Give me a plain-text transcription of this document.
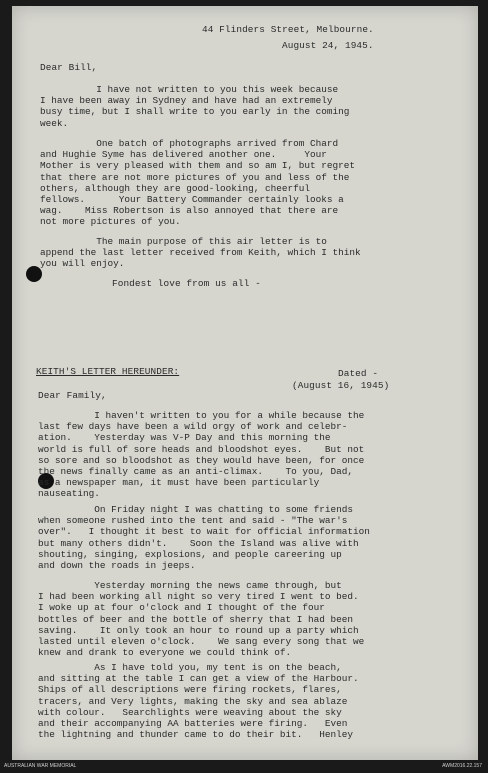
44 Flinders Street, Melbourne.
August 24, 1945.
Dear Bill,
I have not written to you this week because
I have been away in Sydney and have had an extremely
busy time, but I shall write to you early in the coming
week.
One batch of photographs arrived from Chard
and Hughie Syme has delivered another one.     Your
Mother is very pleased with them and so am I, but regret
that there are not more pictures of you and less of the
others, although they are good-looking, cheerful
fellows.      Your Battery Commander certainly looks a
wag.    Miss Robertson is also annoyed that there are
not more pictures of you.
The main purpose of this air letter is to
append the last letter received from Keith, which I think
you will enjoy.
Fondest love from us all -
KEITH'S LETTER HEREUNDER:	Dated -
(August 16, 1945)
Dear Family,
I haven't written to you for a while because the
last few days have been a wild orgy of work and celebr-
ation.    Yesterday was V-P Day and this morning the
world is full of sore heads and bloodshot eyes.    But not
so sore and so bloodshot as they would have been, for once
the news finally came as an anti-climax.    To you, Dad,
as a newspaper man, it must have been particularly
nauseating.
On Friday night I was chatting to some friends
when someone rushed into the tent and said - "The war's
over".   I thought it best to wait for official information
but many others didn't.    Soon the Island was alive with
shouting, singing, explosions, and people careering up
and down the roads in jeeps.
Yesterday morning the news came through, but
I had been working all night so very tired I went to bed.
I woke up at four o'clock and I thought of the four
bottles of beer and the bottle of sherry that I had been
saving.    It only took an hour to round up a party which
lasted until eleven o'clock.    We sang every song that we
knew and drank to everyone we could think of.
As I have told you, my tent is on the beach,
and sitting at the table I can get a view of the Harbour.
Ships of all descriptions were firing rockets, flares,
tracers, and Very lights, making the sky and sea ablaze
with colour.   Searchlights were weaving about the sky
and their accompanying AA batteries were firing.   Even
the lightning and thunder came to do their bit.   Henley
AUSTRALIAN WAR MEMORIAL	AWM2016.22.157
